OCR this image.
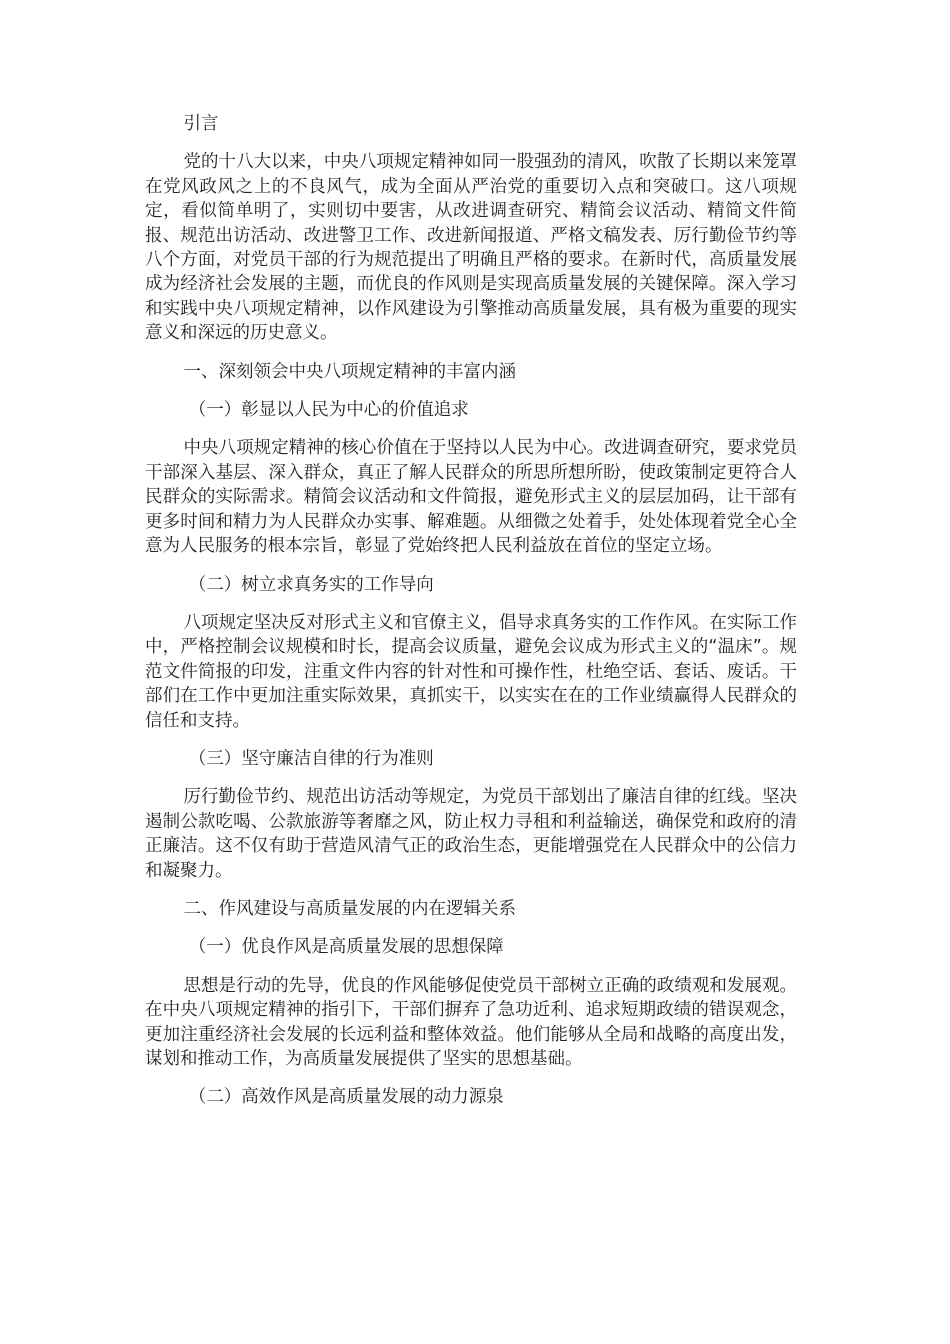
引言

党的十八大以来，中央八项规定精神如同一股强劲的清风，吹散了长期以来笼罩在党风政风之上的不良风气，成为全面从严治党的重要切入点和突破口。这八项规定，看似简单明了，实则切中要害，从改进调查研究、精简会议活动、精简文件简报、规范出访活动、改进警卫工作、改进新闻报道、严格文稿发表、厉行勤俭节约等八个方面，对党员干部的行为规范提出了明确且严格的要求。在新时代，高质量发展成为经济社会发展的主题，而优良的作风则是实现高质量发展的关键保障。深入学习和实践中央八项规定精神，以作风建设为引擎推动高质量发展，具有极为重要的现实意义和深远的历史意义。

一、深刻领会中央八项规定精神的丰富内涵

（一）彰显以人民为中心的价值追求

中央八项规定精神的核心价值在于坚持以人民为中心。改进调查研究，要求党员干部深入基层、深入群众，真正了解人民群众的所思所想所盼，使政策制定更符合人民群众的实际需求。精简会议活动和文件简报，避免形式主义的层层加码，让干部有更多时间和精力为人民群众办实事、解难题。从细微之处着手，处处体现着党全心全意为人民服务的根本宗旨，彰显了党始终把人民利益放在首位的坚定立场。

（二）树立求真务实的工作导向

八项规定坚决反对形式主义和官僚主义，倡导求真务实的工作作风。在实际工作中，严格控制会议规模和时长，提高会议质量，避免会议成为形式主义的“温床”。规范文件简报的印发，注重文件内容的针对性和可操作性，杜绝空话、套话、废话。干部们在工作中更加注重实际效果，真抓实干，以实实在在的工作业绩赢得人民群众的信任和支持。

（三）坚守廉洁自律的行为准则

厉行勤俭节约、规范出访活动等规定，为党员干部划出了廉洁自律的红线。坚决遏制公款吃喝、公款旅游等奢靡之风，防止权力寻租和利益输送，确保党和政府的清正廉洁。这不仅有助于营造风清气正的政治生态，更能增强党在人民群众中的公信力和凝聚力。

二、作风建设与高质量发展的内在逻辑关系

（一）优良作风是高质量发展的思想保障

思想是行动的先导，优良的作风能够促使党员干部树立正确的政绩观和发展观。在中央八项规定精神的指引下，干部们摒弃了急功近利、追求短期政绩的错误观念，更加注重经济社会发展的长远利益和整体效益。他们能够从全局和战略的高度出发，谋划和推动工作，为高质量发展提供了坚实的思想基础。

（二）高效作风是高质量发展的动力源泉
